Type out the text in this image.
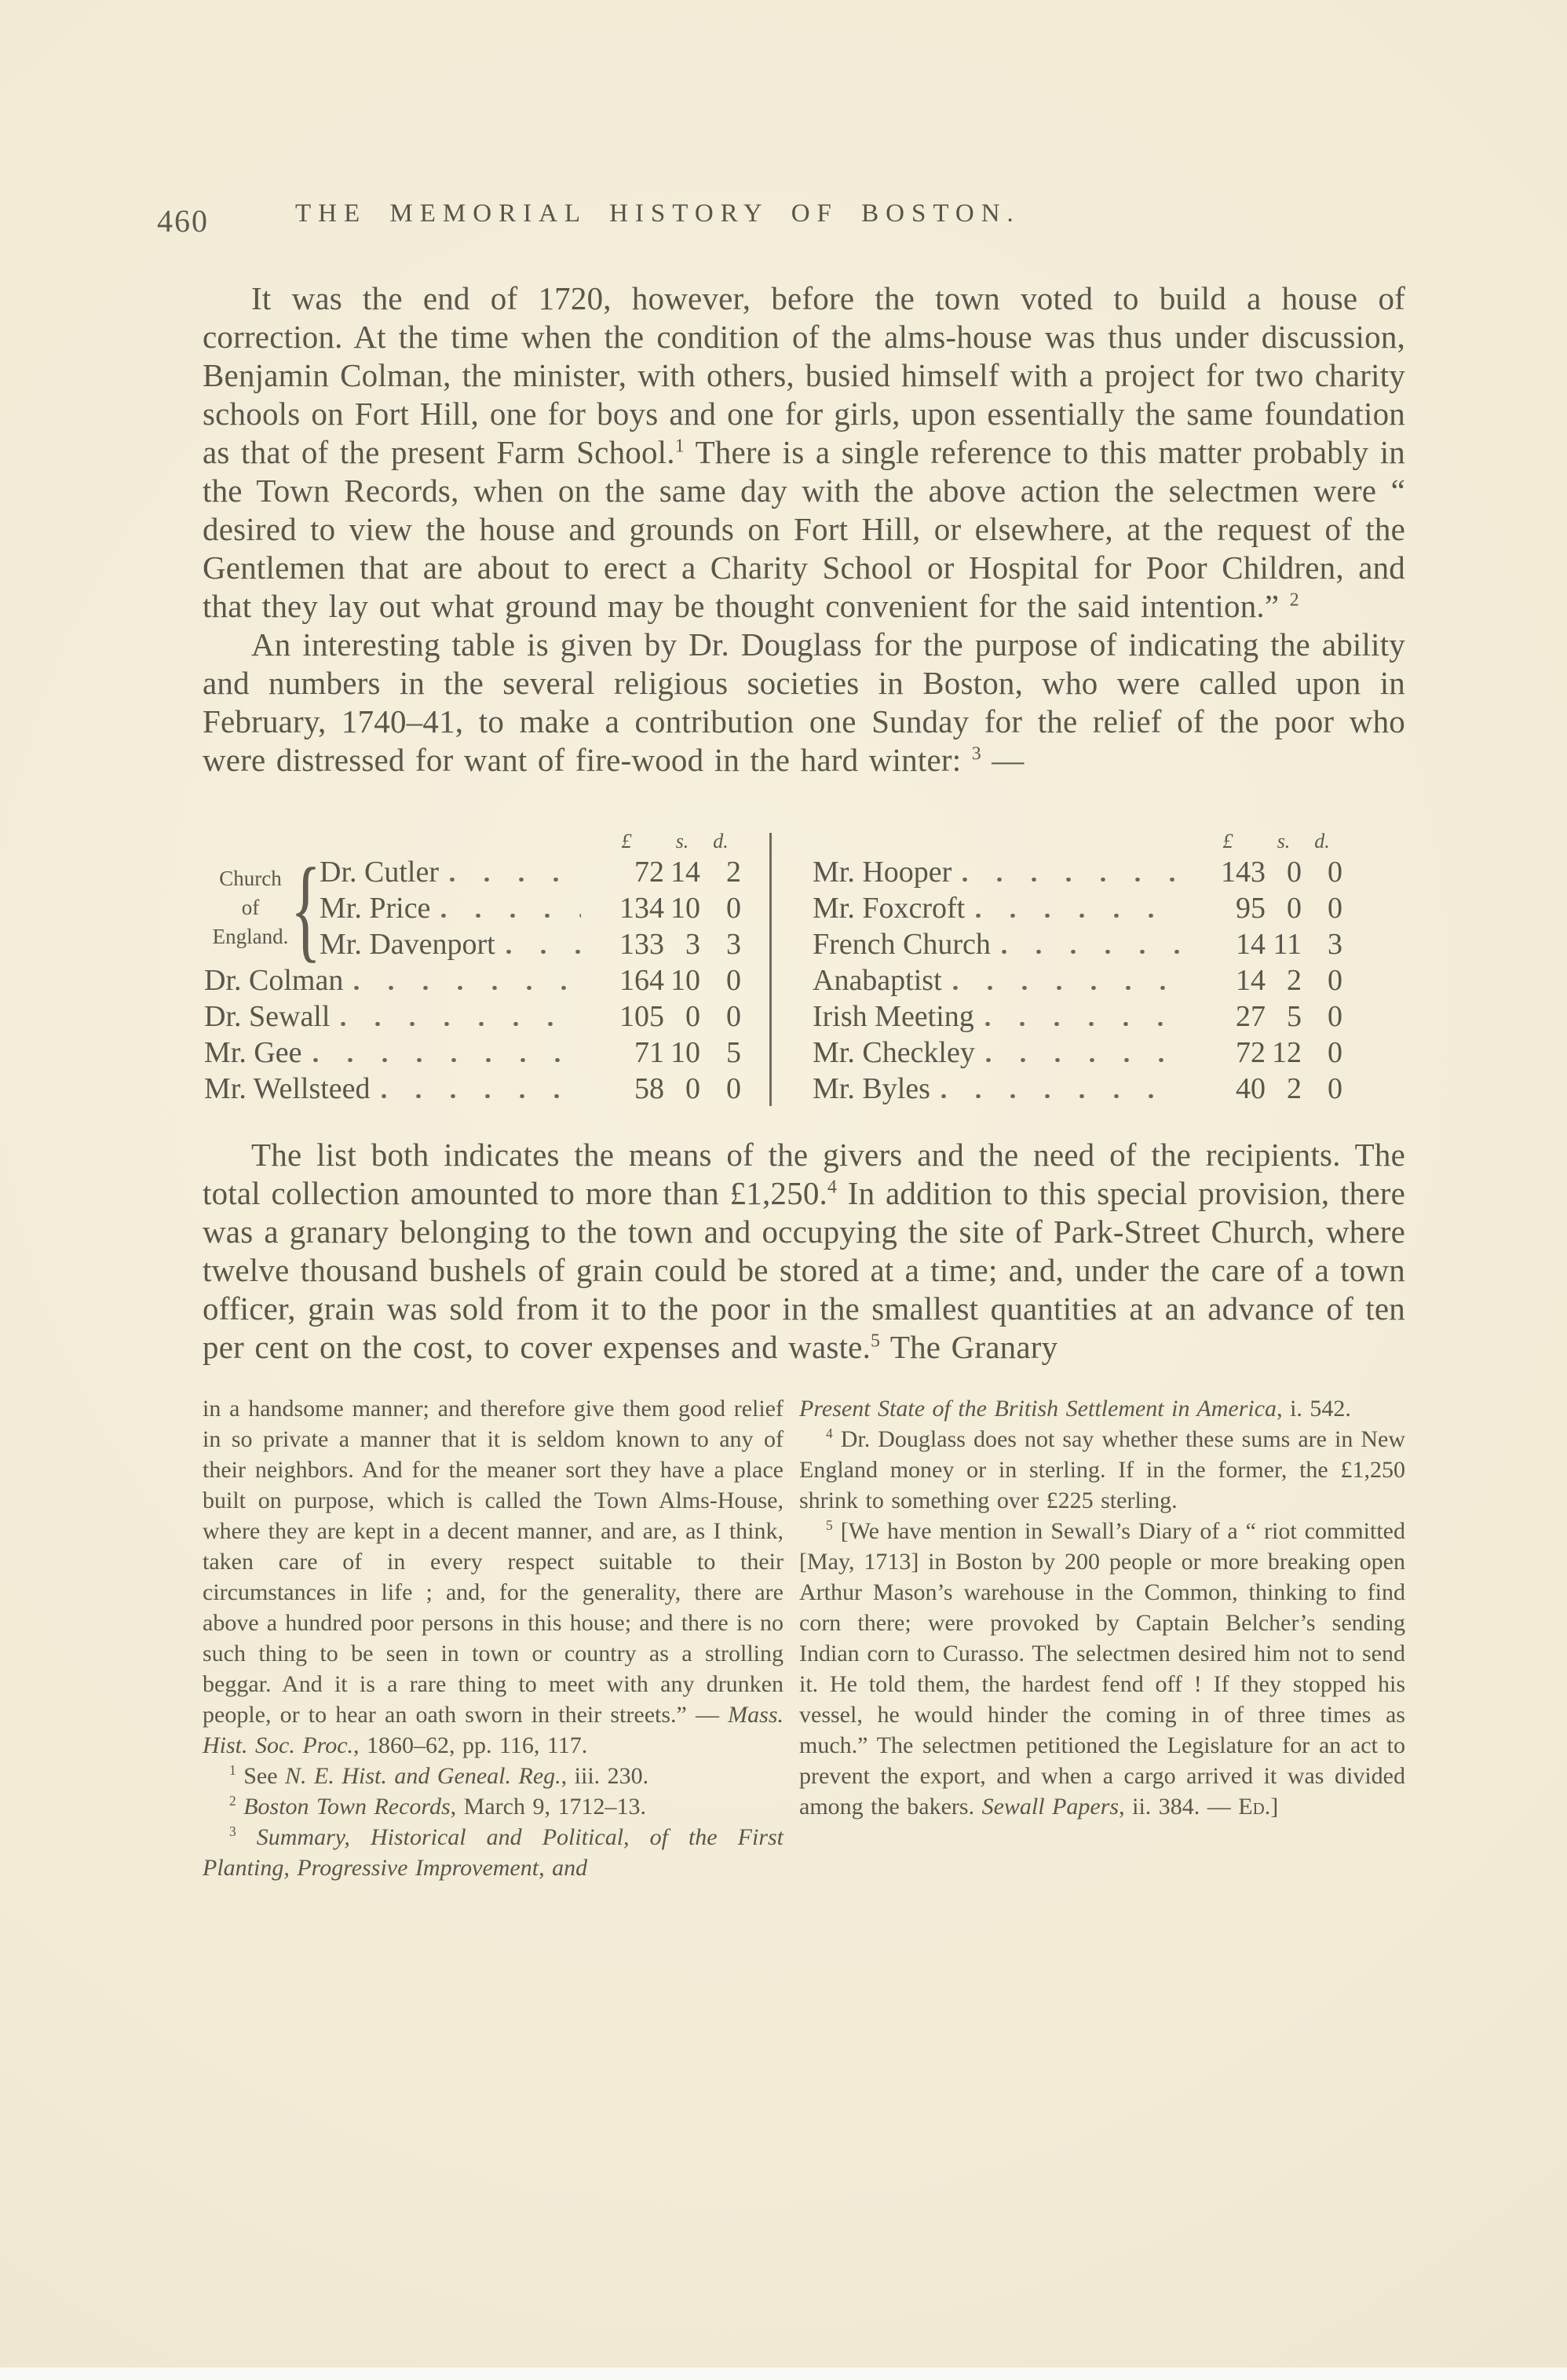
460	THE MEMORIAL HISTORY OF BOSTON.

It was the end of 1720, however, before the town voted to build a house of correction. At the time when the condition of the alms-house was thus under discussion, Benjamin Colman, the minister, with others, busied himself with a project for two charity schools on Fort Hill, one for boys and one for girls, upon essentially the same foundation as that of the present Farm School.$^1$ There is a single reference to this matter probably in the Town Records, when on the same day with the above action the selectmen were “ desired to view the house and grounds on Fort Hill, or elsewhere, at the request of the Gentlemen that are about to erect a Charity School or Hospital for Poor Children, and that they lay out what ground may be thought convenient for the said intention.” $^2$

An interesting table is given by Dr. Douglass for the purpose of indicating the ability and numbers in the several religious societies in Boston, who were called upon in February, 1740–41, to make a contribution one Sunday for the relief of the poor who were distressed for want of fire-wood in the hard winter: $^3$ —

£	s.	d.
Church
of
England. {
Dr. Cutler	72 14 2
Mr. Price	134 10 0
Mr. Davenport	133 3 3
Dr. Colman	164 10 0
Dr. Sewall	105 0 0
Mr. Gee	71 10 5
Mr. Wellsteed	58 0 0
£	s.	d.
Mr. Hooper	143 0 0
Mr. Foxcroft	95 0 0
French Church	14 11 3
Anabaptist	14 2 0
Irish Meeting	27 5 0
Mr. Checkley	72 12 0
Mr. Byles	40 2 0

The list both indicates the means of the givers and the need of the recipients. The total collection amounted to more than £1,250.$^4$ In addition to this special provision, there was a granary belonging to the town and occupying the site of Park-Street Church, where twelve thousand bushels of grain could be stored at a time; and, under the care of a town officer, grain was sold from it to the poor in the smallest quantities at an advance of ten per cent on the cost, to cover expenses and waste.$^5$ The Granary

in a handsome manner; and therefore give them good relief in so private a manner that it is seldom known to any of their neighbors. And for the meaner sort they have a place built on purpose, which is called the Town Alms-House, where they are kept in a decent manner, and are, as I think, taken care of in every respect suitable to their circumstances in life ; and, for the generality, there are above a hundred poor persons in this house; and there is no such thing to be seen in town or country as a strolling beggar. And it is a rare thing to meet with any drunken people, or to hear an oath sworn in their streets.” — Mass. Hist. Soc. Proc., 1860–62, pp. 116, 117.

$^1$ See N. E. Hist. and Geneal. Reg., iii. 230.

$^2$ Boston Town Records, March 9, 1712–13.

$^3$ Summary, Historical and Political, of the First Planting, Progressive Improvement, and

Present State of the British Settlement in America, i. 542.

$^4$ Dr. Douglass does not say whether these sums are in New England money or in sterling. If in the former, the £1,250 shrink to something over £225 sterling.

$^5$ [We have mention in Sewall’s Diary of a “ riot committed [May, 1713] in Boston by 200 people or more breaking open Arthur Mason’s warehouse in the Common, thinking to find corn there; were provoked by Captain Belcher’s sending Indian corn to Curasso. The selectmen desired him not to send it. He told them, the hardest fend off ! If they stopped his vessel, he would hinder the coming in of three times as much.” The selectmen petitioned the Legislature for an act to prevent the export, and when a cargo arrived it was divided among the bakers. Sewall Papers, ii. 384. — Ed.]
